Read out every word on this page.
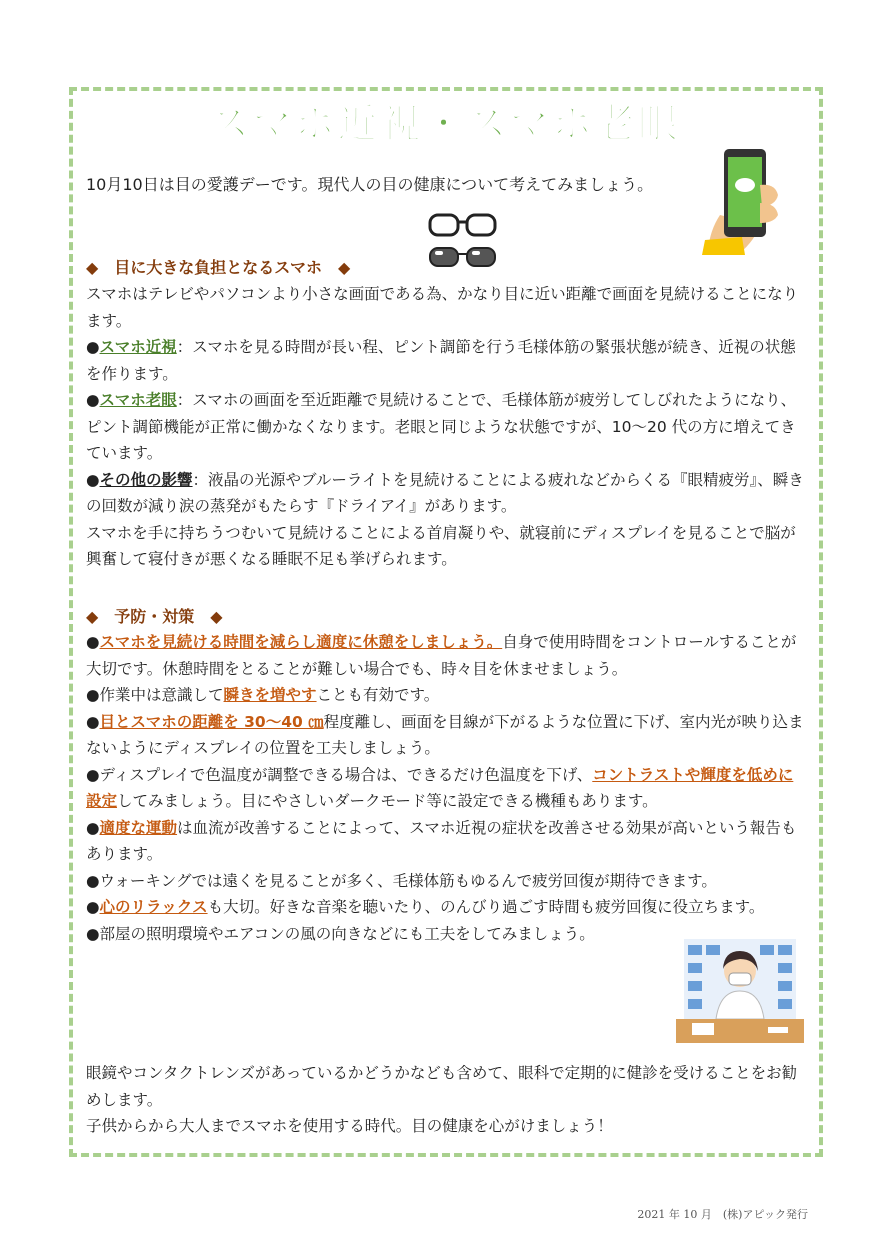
スマホ近視・スマホ老眼
10月10日は目の愛護デーです。現代人の目の健康について考えてみましょう。
◆　目に大きな負担となるスマホ　◆
スマホはテレビやパソコンより小さな画面である為、かなり目に近い距離で画面を見続けることになります。
●スマホ近視：スマホを見る時間が長い程、ピント調節を行う毛様体筋の緊張状態が続き、近視の状態を作ります。
●スマホ老眼：スマホの画面を至近距離で見続けることで、毛様体筋が疲労してしびれたようになり、ピント調節機能が正常に働かなくなります。老眼と同じような状態ですが、10～20 代の方に増えてきています。
●その他の影響：液晶の光源やブルーライトを見続けることによる疲れなどからくる『眼精疲労』、瞬きの回数が減り涙の蒸発がもたらす『ドライアイ』があります。
スマホを手に持ちうつむいて見続けることによる首肩凝りや、就寝前にディスプレイを見ることで脳が興奮して寝付きが悪くなる睡眠不足も挙げられます。
◆　予防・対策　◆
●スマホを見続ける時間を減らし適度に休憩をしましょう。自身で使用時間をコントロールすることが大切です。休憩時間をとることが難しい場合でも、時々目を休ませましょう。
●作業中は意識して瞬きを増やすことも有効です。
●目とスマホの距離を 30～40 ㎝程度離し、画面を目線が下がるような位置に下げ、室内光が映り込まないようにディスプレイの位置を工夫しましょう。
●ディスプレイで色温度が調整できる場合は、できるだけ色温度を下げ、コントラストや輝度を低めに設定してみましょう。目にやさしいダークモード等に設定できる機種もあります。
●適度な運動は血流が改善することによって、スマホ近視の症状を改善させる効果が高いという報告もあります。
●ウォーキングでは遠くを見ることが多く、毛様体筋もゆるんで疲労回復が期待できます。
●心のリラックスも大切。好きな音楽を聴いたり、のんびり過ごす時間も疲労回復に役立ちます。
●部屋の照明環境やエアコンの風の向きなどにも工夫をしてみましょう。
眼鏡やコンタクトレンズがあっているかどうかなども含めて、眼科で定期的に健診を受けることをお勧めします。
子供からから大人までスマホを使用する時代。目の健康を心がけましょう！
2021 年 10 月　(株)アピック発行
